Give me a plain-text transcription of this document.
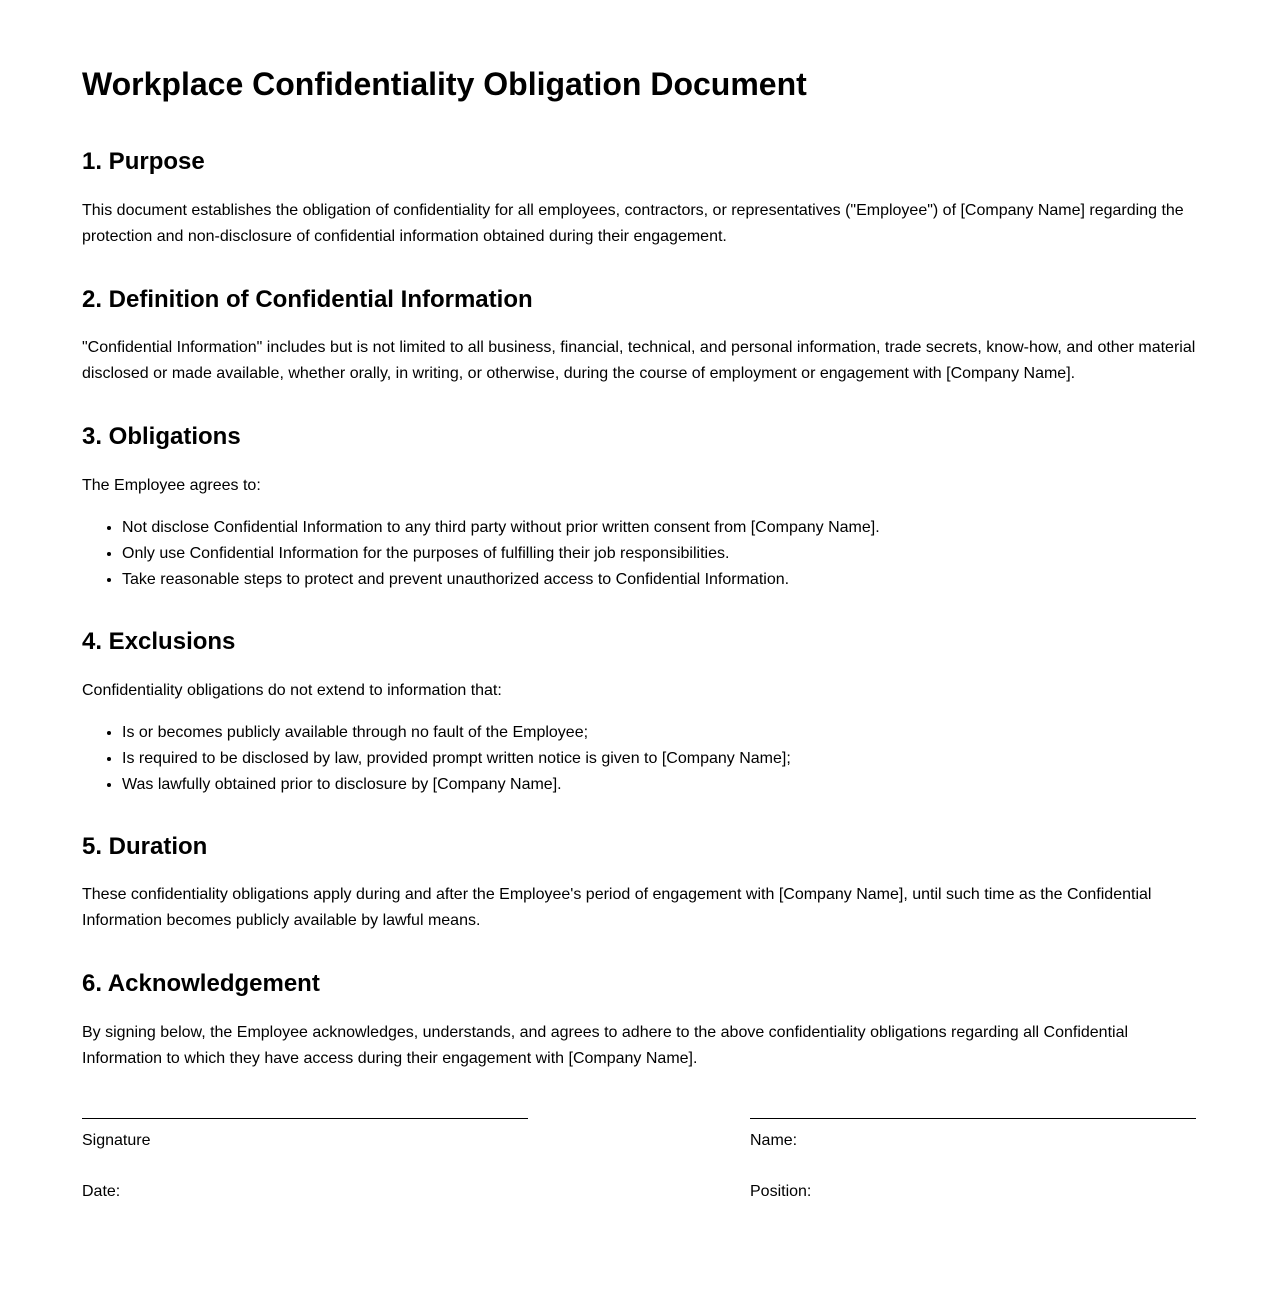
Workplace Confidentiality Obligation Document
1. Purpose

This document establishes the obligation of confidentiality for all employees, contractors, or representatives ("Employee") of [Company Name] regarding the protection and non-disclosure of confidential information obtained during their engagement.

2. Definition of Confidential Information

"Confidential Information" includes but is not limited to all business, financial, technical, and personal information, trade secrets, know-how, and other material disclosed or made available, whether orally, in writing, or otherwise, during the course of employment or engagement with [Company Name].

3. Obligations

The Employee agrees to:

• Not disclose Confidential Information to any third party without prior written consent from [Company Name].
• Only use Confidential Information for the purposes of fulfilling their job responsibilities.
• Take reasonable steps to protect and prevent unauthorized access to Confidential Information.
4. Exclusions

Confidentiality obligations do not extend to information that:

• Is or becomes publicly available through no fault of the Employee;
• Is required to be disclosed by law, provided prompt written notice is given to [Company Name];
• Was lawfully obtained prior to disclosure by [Company Name].
5. Duration

These confidentiality obligations apply during and after the Employee's period of engagement with [Company Name], until such time as the Confidential Information becomes publicly available by lawful means.

6. Acknowledgement

By signing below, the Employee acknowledges, understands, and agrees to adhere to the above confidentiality obligations regarding all Confidential Information to which they have access during their engagement with [Company Name].

Signature
Date:
Name:
Position:
